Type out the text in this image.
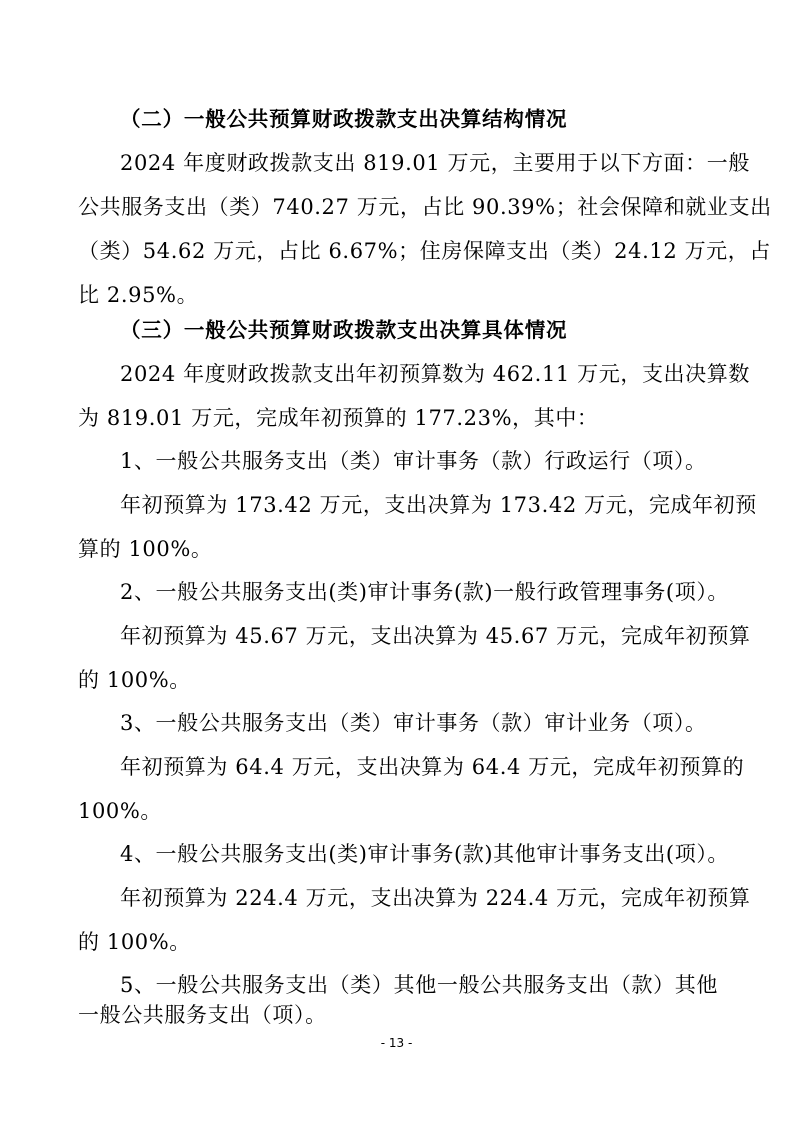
（二）一般公共预算财政拨款支出决算结构情况
2024 年度财政拨款支出 819.01 万元，主要用于以下方面：一般
公共服务支出（类）740.27 万元，占比 90.39%；社会保障和就业支出
（类）54.62 万元，占比 6.67%；住房保障支出（类）24.12 万元，占
比 2.95%。
（三）一般公共预算财政拨款支出决算具体情况
2024 年度财政拨款支出年初预算数为 462.11 万元，支出决算数
为 819.01 万元，完成年初预算的 177.23%，其中：
1、一般公共服务支出（类）审计事务（款）行政运行（项）。
年初预算为 173.42 万元，支出决算为 173.42 万元，完成年初预
算的 100%。
2、一般公共服务支出(类)审计事务(款)一般行政管理事务(项）。
年初预算为 45.67 万元，支出决算为 45.67 万元，完成年初预算
的 100%。
3、一般公共服务支出（类）审计事务（款）审计业务（项）。
年初预算为 64.4 万元，支出决算为 64.4 万元，完成年初预算的
100%。
4、一般公共服务支出(类)审计事务(款)其他审计事务支出(项）。
年初预算为 224.4 万元，支出决算为 224.4 万元，完成年初预算
的 100%。
5、一般公共服务支出（类）其他一般公共服务支出（款）其他
一般公共服务支出（项）。
- 13 -
